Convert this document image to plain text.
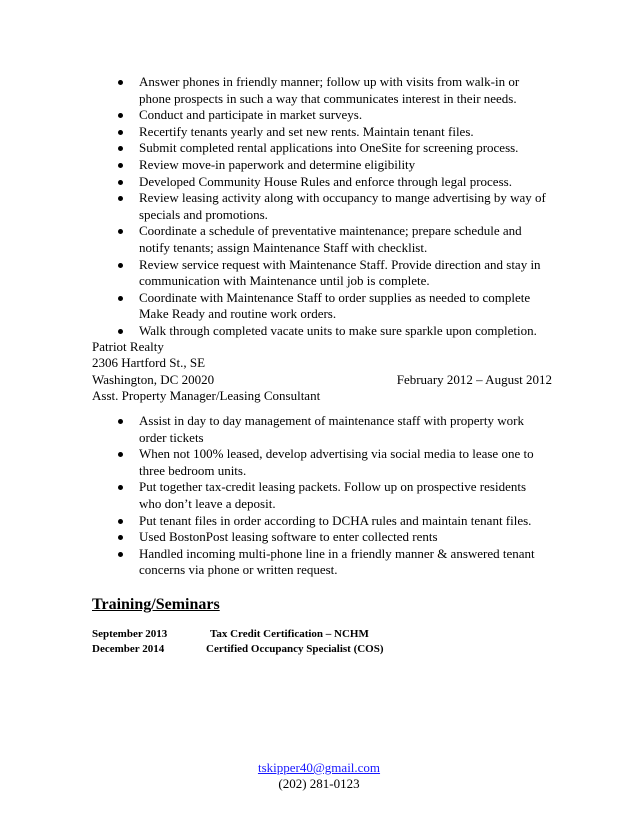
Answer phones in friendly manner; follow up with visits from walk-in or phone prospects in such a way that communicates interest in their needs.
Conduct and participate in market surveys.
Recertify tenants yearly and set new rents. Maintain tenant files.
Submit completed rental applications into OneSite for screening process.
Review move-in paperwork and determine eligibility
Developed Community House Rules and enforce through legal process.
Review leasing activity along with occupancy to mange advertising by way of specials and promotions.
Coordinate a schedule of preventative maintenance; prepare schedule and notify tenants; assign Maintenance Staff with checklist.
Review service request with Maintenance Staff. Provide direction and stay in communication with Maintenance until job is complete.
Coordinate with Maintenance Staff to order supplies as needed to complete Make Ready and routine work orders.
Walk through completed vacate units to make sure sparkle upon completion.
Patriot Realty
2306 Hartford St., SE
Washington, DC 20020	February 2012 – August 2012
Asst. Property Manager/Leasing Consultant
Assist in day to day management of maintenance staff with property work order tickets
When not 100% leased, develop advertising via social media to lease one to three bedroom units.
Put together tax-credit leasing packets. Follow up on prospective residents who don’t leave a deposit.
Put tenant files in order according to DCHA rules and maintain tenant files.
Used BostonPost leasing software to enter collected rents
Handled incoming multi-phone line in a friendly manner & answered tenant concerns via phone or written request.
Training/Seminars
September 2013	Tax Credit Certification – NCHM
December 2014	Certified Occupancy Specialist (COS)
tskipper40@gmail.com
(202) 281-0123
